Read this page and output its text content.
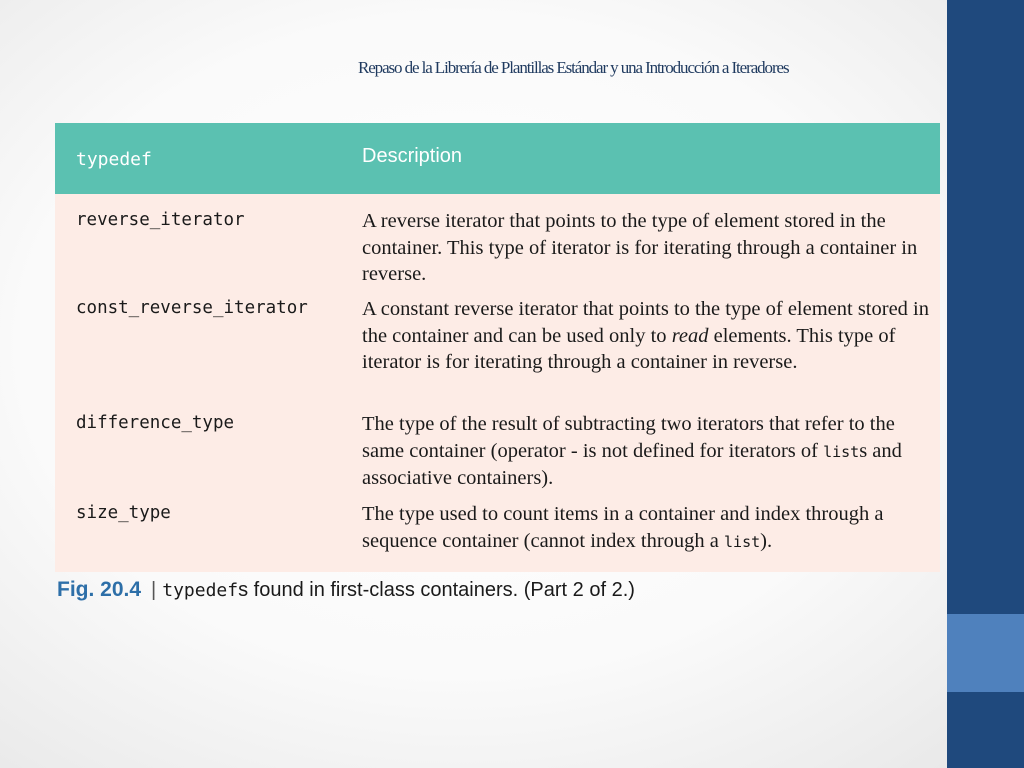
Repaso de la Librería de Plantillas Estándar y una Introducción a Iteradores
typedef	Description
reverse_iterator	A reverse iterator that points to the type of element stored in the container. This type of iterator is for iterating through a container in reverse.
const_reverse_iterator	A constant reverse iterator that points to the type of element stored in the container and can be used only to read elements. This type of iterator is for iterating through a container in reverse.
difference_type	The type of the result of subtracting two iterators that refer to the same container (operator - is not defined for iterators of lists and associative containers).
size_type	The type used to count items in a container and index through a sequence container (cannot index through a list).
Fig. 20.4 | typedefs found in first-class containers. (Part 2 of 2.)
